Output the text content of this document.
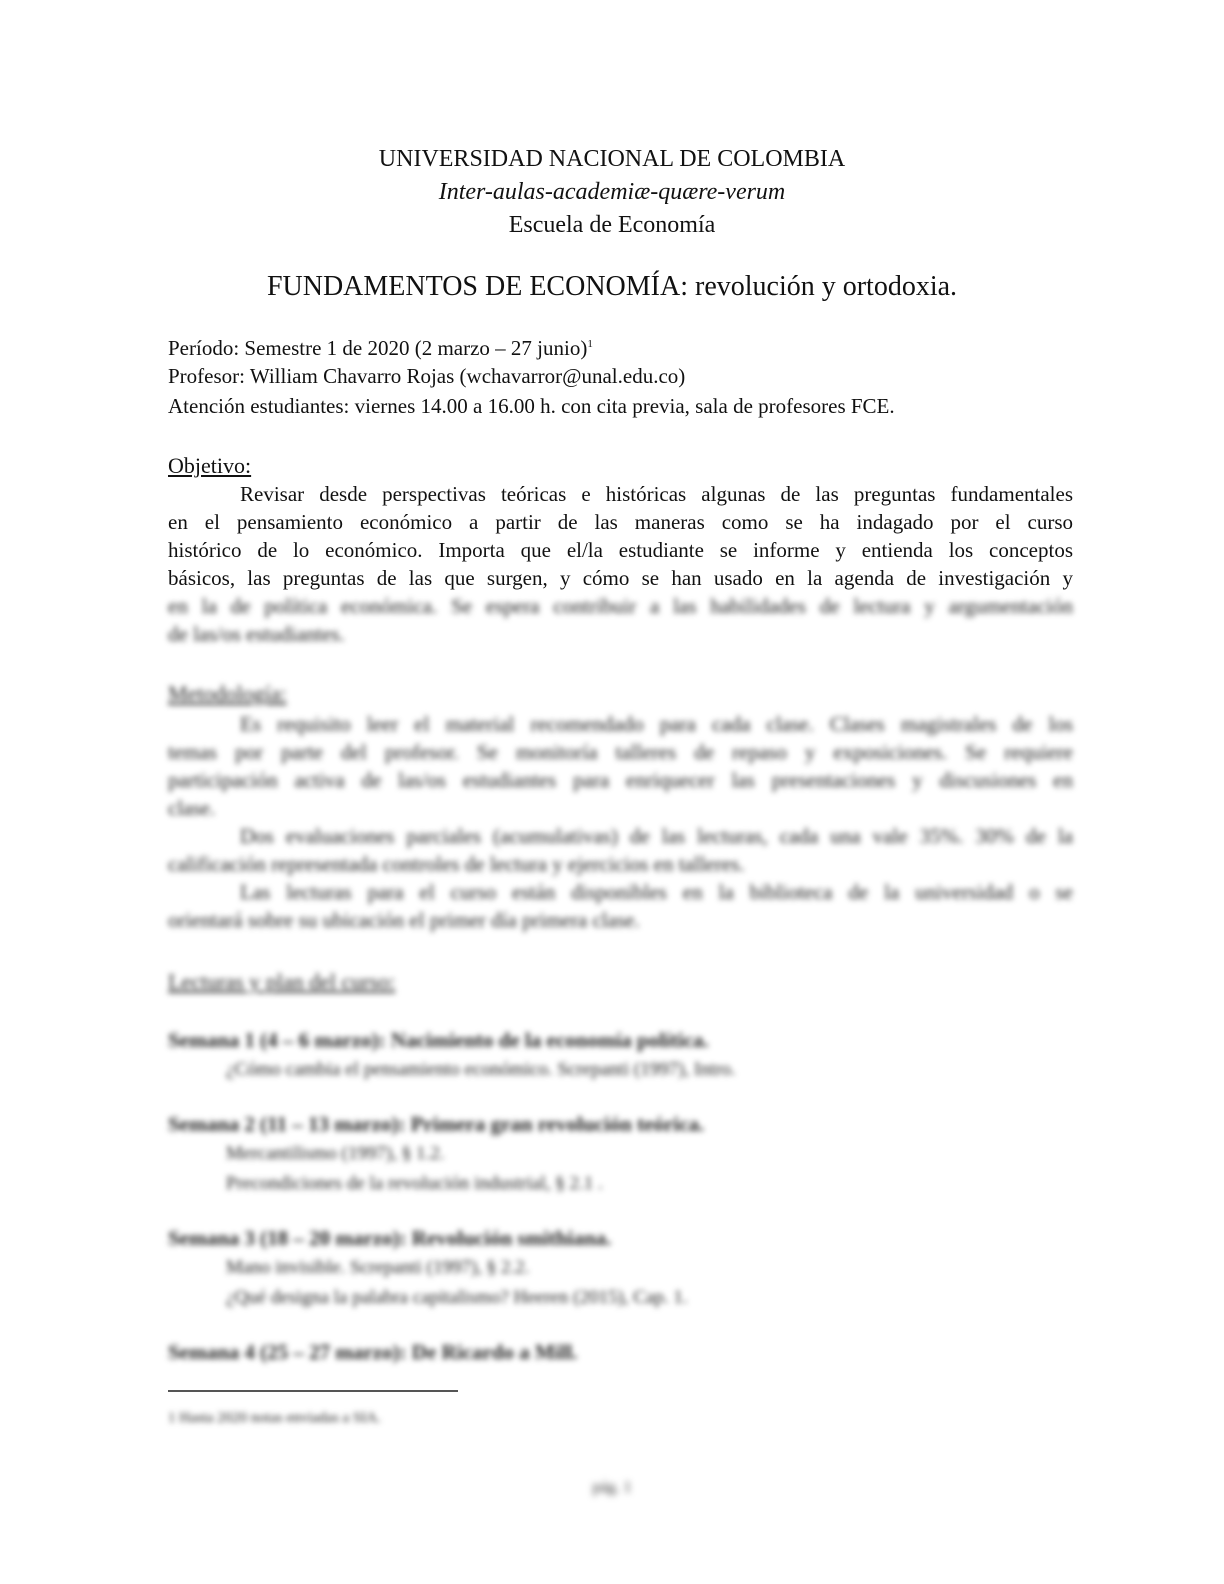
UNIVERSIDAD NACIONAL DE COLOMBIA
Inter-aulas-academiæ-quære-verum
Escuela de Economía
FUNDAMENTOS DE ECONOMÍA: revolución y ortodoxia.
Período: Semestre 1 de 2020 (2 marzo – 27 junio)$^1$
Profesor: William Chavarro Rojas (wchavarror@unal.edu.co)
Atención estudiantes: viernes 14.00 a 16.00 h. con cita previa, sala de profesores FCE.
Objetivo:
Revisar desde perspectivas teóricas e históricas algunas de las preguntas fundamentales
en el pensamiento económico a partir de las maneras como se ha indagado por el curso
histórico de lo económico. Importa que el/la estudiante se informe y entienda los conceptos
básicos, las preguntas de las que surgen, y cómo se han usado en la agenda de investigación y
en la de política económica. Se espera contribuir a las habilidades de lectura y argumentación
de las/os estudiantes.
Metodología:
Es requisito leer el material recomendado para cada clase. Clases magistrales de los
temas por parte del profesor. Se monitoría talleres de repaso y exposiciones. Se requiere
participación activa de las/os estudiantes para enriquecer las presentaciones y discusiones en
clase.
Dos evaluaciones parciales (acumulativas) de las lecturas, cada una vale 35%. 30% de la
calificación representada controles de lectura y ejercicios en talleres.
Las lecturas para el curso están disponibles en la biblioteca de la universidad o se
orientará sobre su ubicación el primer día primera clase.
Lecturas y plan del curso:
Semana 1 (4 – 6 marzo): Nacimiento de la economía política.
¿Cómo cambia el pensamiento económico. Screpanti (1997), Intro.
Semana 2 (11 – 13 marzo): Primera gran revolución teórica.
Mercantilismo (1997), § 1.2.
Precondiciones de la revolución industrial, § 2.1 .
Semana 3 (18 – 20 marzo): Revolución smithiana.
Mano invisible. Screpanti (1997), § 2.2.
¿Qué designa la palabra capitalismo? Heeren (2015), Cap. 1.
Semana 4 (25 – 27 marzo): De Ricardo a Mill.
1 Hasta 2020 notas enviadas a SIA.
pág. 1
